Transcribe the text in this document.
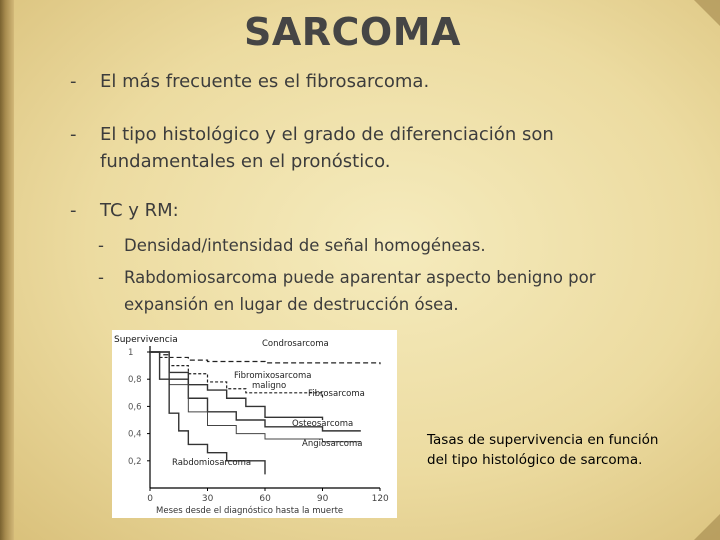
SARCOMA
- El más frecuente es el fibrosarcoma.
- El tipo histológico y el grado de diferenciación son fundamentales en el pronóstico.
- TC y RM:
- Densidad/intensidad de señal homogéneas.
- Rabdomiosarcoma puede aparentar aspecto benigno por expansión en lugar de destrucción ósea.
Supervivencia
Meses desde el diagnóstico hasta la muerte
0,2
0,4
0,6
0,8
1
0	30	60	90	120
Condrosarcoma
Fibromixosarcoma
maligno
Fibrosarcoma
Osteosarcoma
Angiosarcoma
Rabdomiosarcoma
Tasas de supervivencia en función del tipo histológico de sarcoma.
